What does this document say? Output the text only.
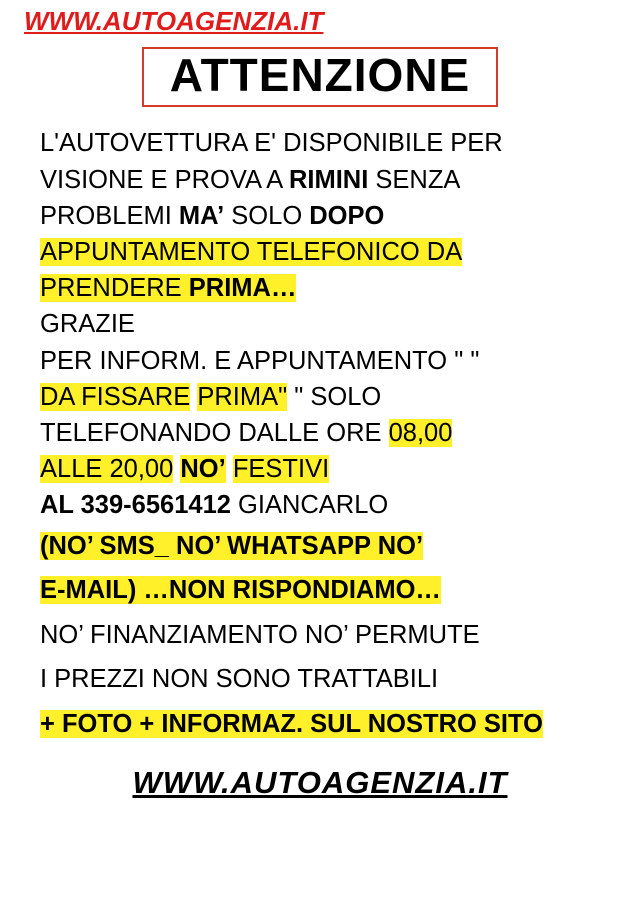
WWW.AUTOAGENZIA.IT
ATTENZIONE
L'AUTOVETTURA E' DISPONIBILE PER
VISIONE E PROVA A RIMINI SENZA
PROBLEMI MA’ SOLO DOPO
APPUNTAMENTO TELEFONICO DA
PRENDERE PRIMA…
GRAZIE
PER INFORM. E APPUNTAMENTO " "
DA FISSARE PRIMA" " SOLO
TELEFONANDO DALLE ORE 08,00
ALLE 20,00 NO’ FESTIVI
AL 339-6561412 GIANCARLO
(NO’ SMS_ NO’ WHATSAPP NO’
E-MAIL) …NON RISPONDIAMO…
NO’ FINANZIAMENTO NO’ PERMUTE
I PREZZI NON SONO TRATTABILI
+ FOTO + INFORMAZ. SUL NOSTRO SITO
WWW.AUTOAGENZIA.IT
